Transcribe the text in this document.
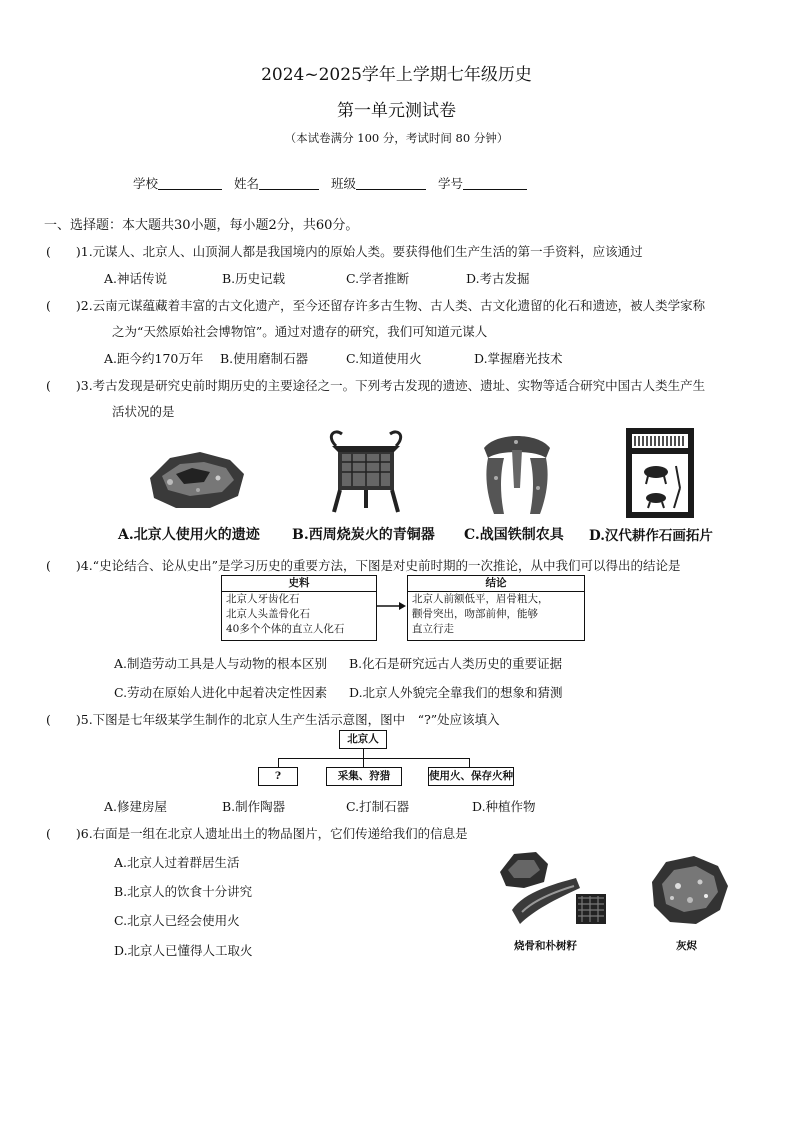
2024~2025学年上学期七年级历史
第一单元测试卷
（本试卷满分 100 分，考试时间 80 分钟）
学校	姓名	班级	学号
一、选择题：本大题共30小题，每小题2分，共60分。
(　　)1.元谋人、北京人、山顶洞人都是我国境内的原始人类。要获得他们生产生活的第一手资料，应该通过
A.神话传说	B.历史记载	C.学者推断	D.考古发掘
(　　)2.云南元谋蕴藏着丰富的古文化遗产，至今还留存许多古生物、古人类、古文化遗留的化石和遗迹，被人类学家称
之为“天然原始社会博物馆”。通过对遗存的研究，我们可知道元谋人
A.距今约170万年 B.使用磨制石器	C.知道使用火	D.掌握磨光技术
(　　)3.考古发现是研究史前时期历史的主要途径之一。下列考古发现的遗迹、遗址、实物等适合研究中国古人类生产生
活状况的是
A.北京人使用火的遗迹 B.西周烧炭火的青铜器 C.战国铁制农具 D.汉代耕作石画拓片
(　　)4.“史论结合、论从史出”是学习历史的重要方法，下图是对史前时期的一次推论，从中我们可以得出的结论是
史料
北京人牙齿化石
北京人头盖骨化石
40多个个体的直立人化石
结论
北京人前额低平，眉骨粗大，
颧骨突出，吻部前伸，能够
直立行走
A.制造劳动工具是人与动物的根本区别 B.化石是研究远古人类历史的重要证据
C.劳动在原始人进化中起着决定性因素 D.北京人外貌完全靠我们的想象和猜测
(　　)5.下图是七年级某学生制作的北京人生产生活示意图，图中　“?”处应该填入
北京人
?	采集、狩猎	使用火、保存火种
A.修建房屋	B.制作陶器	C.打制石器	D.种植作物
(　　)6.右面是一组在北京人遗址出土的物品图片，它们传递给我们的信息是
A.北京人过着群居生活
B.北京人的饮食十分讲究
C.北京人已经会使用火
D.北京人已懂得人工取火	烧骨和朴树籽	灰烬
